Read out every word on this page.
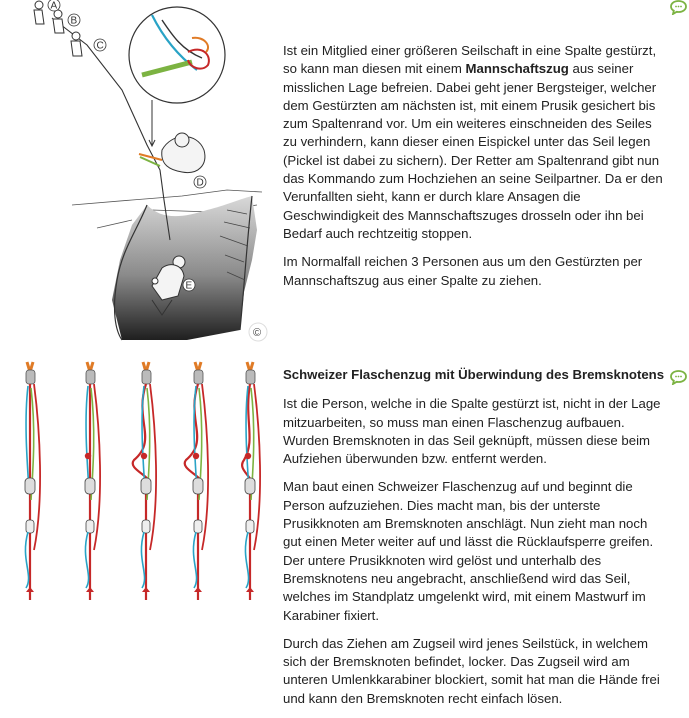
A
B
C
D
E
©

Ist ein Mitglied einer größeren Seilschaft in eine Spalte gestürzt, so kann man diesen mit einem Mannschaftszug aus seiner misslichen Lage befreien. Dabei geht jener Bergsteiger, welcher dem Gestürzten am nächsten ist, mit einem Prusik gesichert bis zum Spaltenrand vor. Um ein weiteres einschneiden des Seiles zu verhindern, kann dieser einen Eispickel unter das Seil legen (Pickel ist dabei zu sichern). Der Retter am Spaltenrand gibt nun das Kommando zum Hochziehen an seine Seilpartner. Da er den Verunfallten sieht, kann er durch klare Ansagen die Geschwindigkeit des Mannschaftszuges drosseln oder ihn bei Bedarf auch rechtzeitig stoppen.

Im Normalfall reichen 3 Personen aus um den Gestürzten per Mannschaftszug aus einer Spalte zu ziehen.

Schweizer Flaschenzug mit Überwindung des Bremsknotens

Ist die Person, welche in die Spalte gestürzt ist, nicht in der Lage mitzuarbeiten, so muss man einen Flaschenzug aufbauen. Wurden Bremsknoten in das Seil geknüpft, müssen diese beim Aufziehen überwunden bzw. entfernt werden.

Man baut einen Schweizer Flaschenzug auf und beginnt die Person aufzuziehen. Dies macht man, bis der unterste Prusikknoten am Bremsknoten anschlägt. Nun zieht man noch gut einen Meter weiter auf und lässt die Rücklaufsperre greifen. Der untere Prusikknoten wird gelöst und unterhalb des Bremsknotens neu angebracht, anschließend wird das Seil, welches im Standplatz umgelenkt wird, mit einem Mastwurf im Karabiner fixiert.

Durch das Ziehen am Zugseil wird jenes Seilstück, in welchem sich der Bremsknoten befindet, locker. Das Zugseil wird am unteren Umlenkkarabiner blockiert, somit hat man die Hände frei und kann den Bremsknoten recht einfach lösen.
